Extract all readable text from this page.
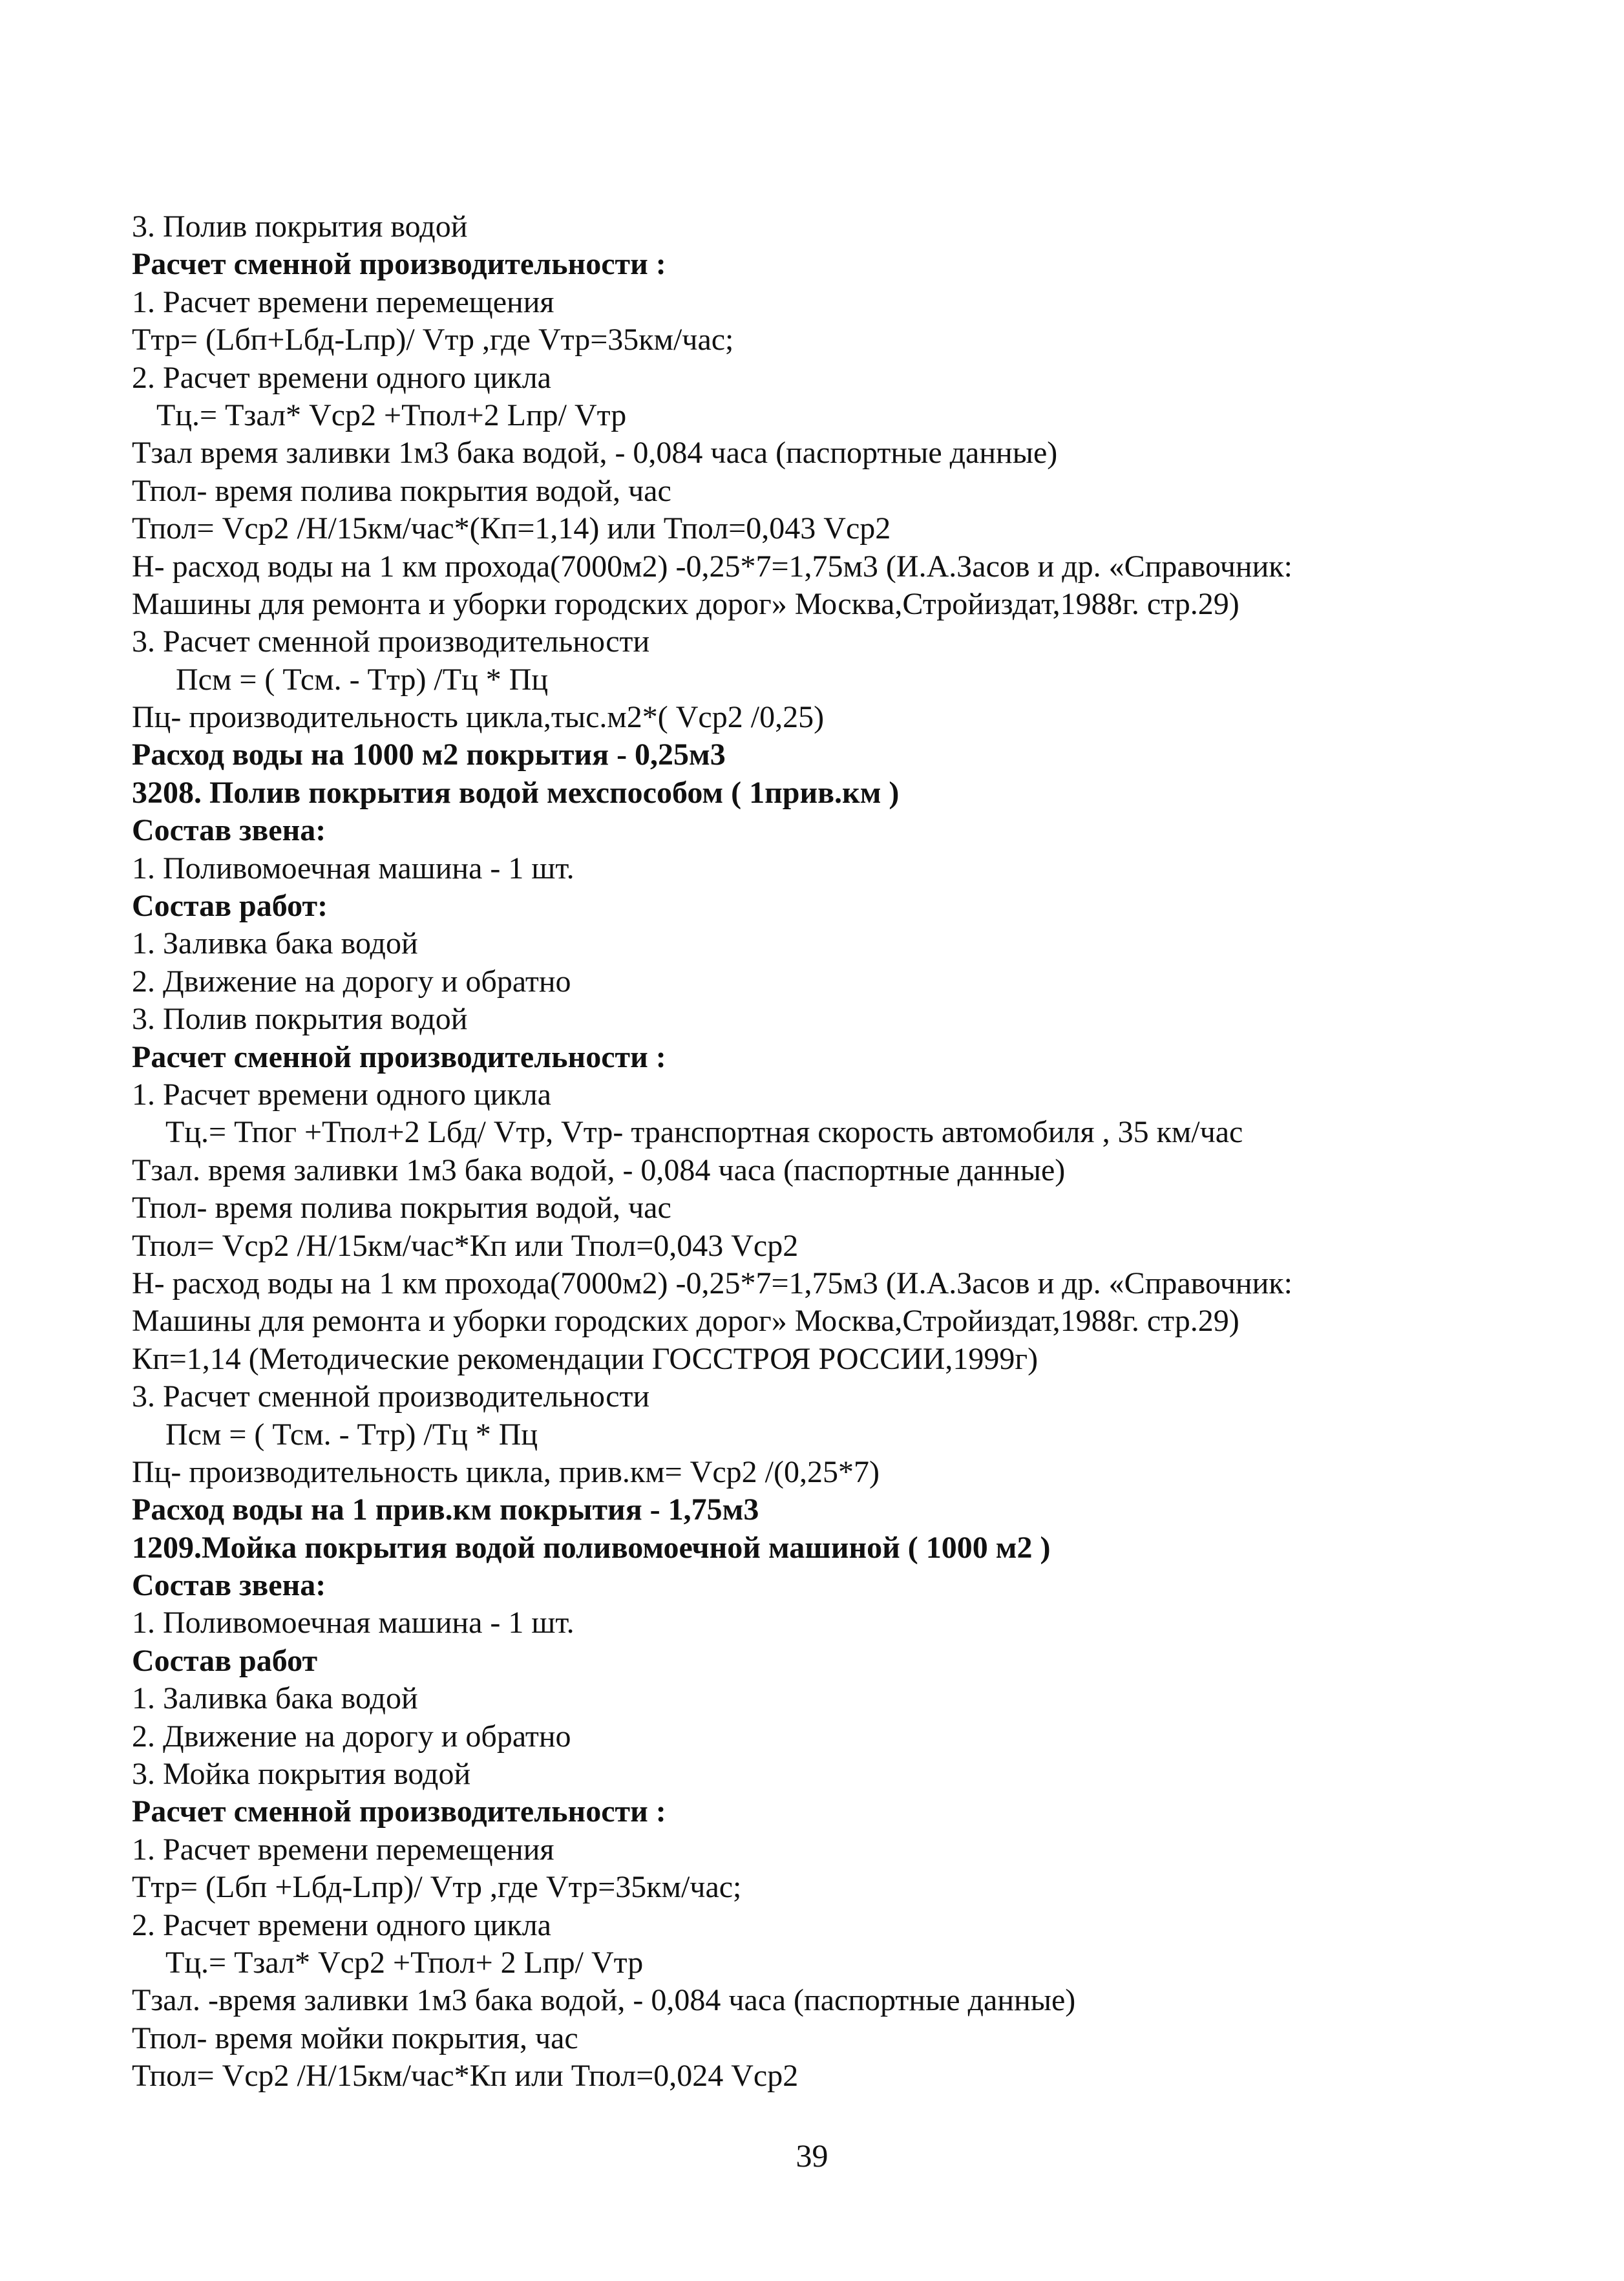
3. Полив покрытия водой
Расчет сменной производительности :
1. Расчет времени перемещения
Ттр= (Lбп+Lбд-Lпр)/ Vтр ,где Vтр=35км/час;
2. Расчет времени одного цикла
Тц.= Тзал* Vср2 +Тпол+2 Lпр/ Vтр
Тзал время заливки 1м3 бака водой, - 0,084 часа (паспортные данные)
Тпол- время полива покрытия водой, час
Тпол= Vср2 /Н/15км/час*(Кп=1,14) или Тпол=0,043 Vср2
Н- расход воды на 1 км прохода(7000м2) -0,25*7=1,75м3 (И.А.Засов и др. «Справочник:
Машины для ремонта и уборки городских дорог» Москва,Стройиздат,1988г. стр.29)
3. Расчет сменной производительности
Псм = ( Тсм. - Ттр) /Тц * Пц
Пц- производительность цикла,тыс.м2*( Vср2 /0,25)
Расход воды на 1000 м2 покрытия - 0,25м3
3208. Полив покрытия водой мехспособом ( 1прив.км )
Состав звена:
1. Поливомоечная машина - 1 шт.
Состав работ:
1. Заливка бака водой
2. Движение на дорогу и обратно
3. Полив покрытия водой
Расчет сменной производительности :
1. Расчет времени одного цикла
Тц.= Тпог +Тпол+2 Lбд/ Vтр, Vтр- транспортная скорость автомобиля , 35 км/час
Тзал. время заливки 1м3 бака водой, - 0,084 часа (паспортные данные)
Тпол- время полива покрытия водой, час
Тпол= Vср2 /Н/15км/час*Кп или Тпол=0,043 Vср2
Н- расход воды на 1 км прохода(7000м2) -0,25*7=1,75м3 (И.А.Засов и др. «Справочник:
Машины для ремонта и уборки городских дорог» Москва,Стройиздат,1988г. стр.29)
Кп=1,14 (Методические рекомендации ГОССТРОЯ РОССИИ,1999г)
3. Расчет сменной производительности
Псм = ( Тсм. - Ттр) /Тц * Пц
Пц- производительность цикла, прив.км= Vср2 /(0,25*7)
Расход воды на 1 прив.км покрытия - 1,75м3
1209.Мойка покрытия водой поливомоечной машиной ( 1000 м2 )
Состав звена:
1. Поливомоечная машина - 1 шт.
Состав работ
1. Заливка бака водой
2. Движение на дорогу и обратно
3. Мойка покрытия водой
Расчет сменной производительности :
1. Расчет времени перемещения
Ттр= (Lбп +Lбд-Lпр)/ Vтр ,где Vтр=35км/час;
2. Расчет времени одного цикла
Тц.= Тзал* Vср2 +Тпол+ 2 Lпр/ Vтр
Тзал. -время заливки 1м3 бака водой, - 0,084 часа (паспортные данные)
Тпол- время мойки покрытия, час
Тпол= Vср2 /Н/15км/час*Кп или Тпол=0,024 Vср2
39
